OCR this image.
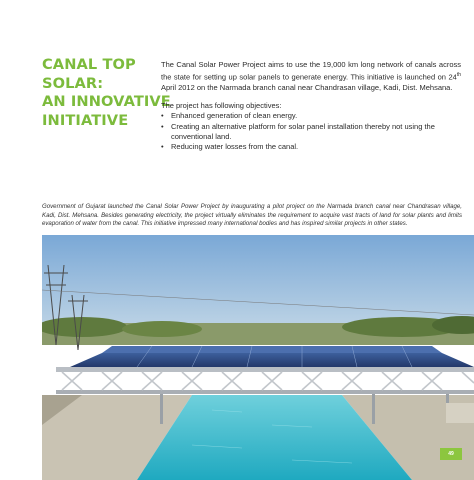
CANAL TOP
SOLAR:
AN INNOVATIVE
INITIATIVE

The Canal Solar Power Project aims to use the 19,000 km long network of canals across the state for setting up solar panels to generate energy. This initiative is launched on 24th April 2012 on the Narmada branch canal near Chandrasan village, Kadi, Dist. Mehsana.

The project has following objectives:

• Enhanced generation of clean energy.
• Creating an alternative platform for solar panel installation thereby not using the conventional land.
• Reducing water losses from the canal.

Government of Gujarat launched the Canal Solar Power Project by inaugurating a pilot project on the Narmada branch canal near Chandrasan village, Kadi, Dist. Mehsana. Besides generating electricity, the project virtually eliminates the requirement to acquire vast tracts of land for solar plants and limits evaporation of water from the canal. This initiative impressed many international bodies and has inspired similar projects in other states.

49
